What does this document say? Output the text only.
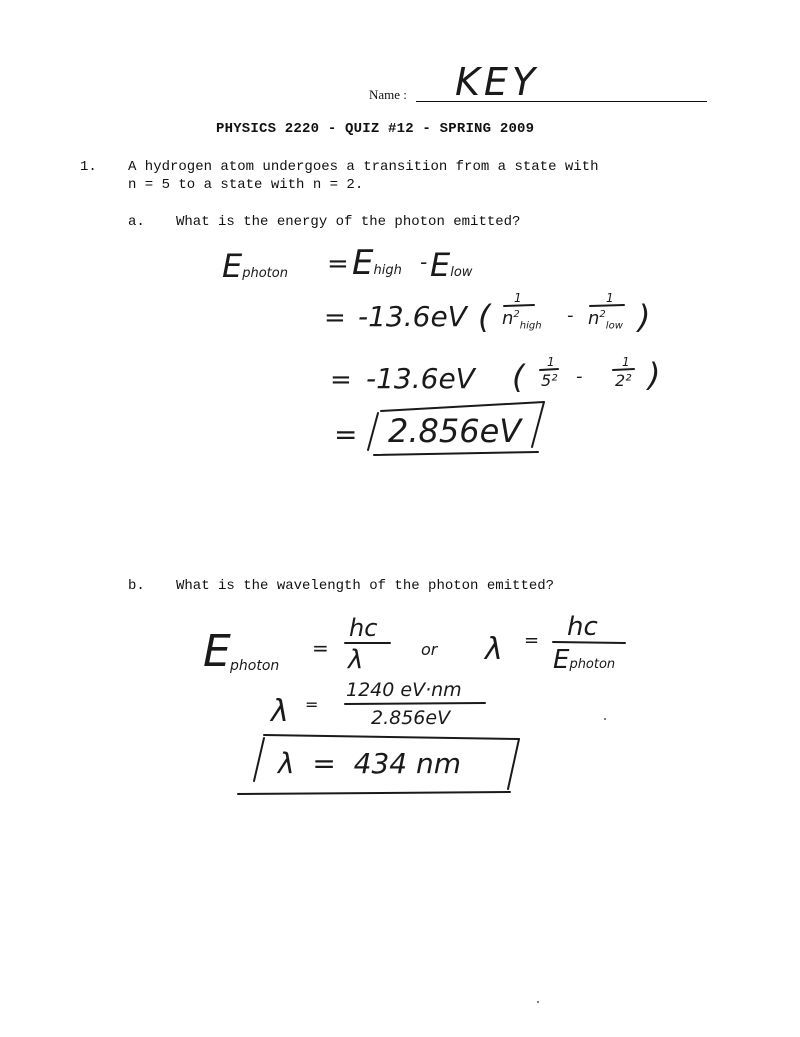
Name : KEY
PHYSICS 2220 - QUIZ #12 - SPRING 2009
1. A hydrogen atom undergoes a transition from a state with
n = 5 to a state with n = 2.
a. What is the energy of the photon emitted?
Ephoton = Ehigh - Elow
= -13.6eV ( 1
$n^2_{high}$
-
1
$n^2_{low}$ )
= -13.6eV ( 1
5² -
1
2² )
= 2.856eV
b. What is the wavelength of the photon emitted?
E photon
=
hc
λ	or λ = hc
Ephoton
λ =
1240 eV·nm
2.856eV
λ  =  434 nm
